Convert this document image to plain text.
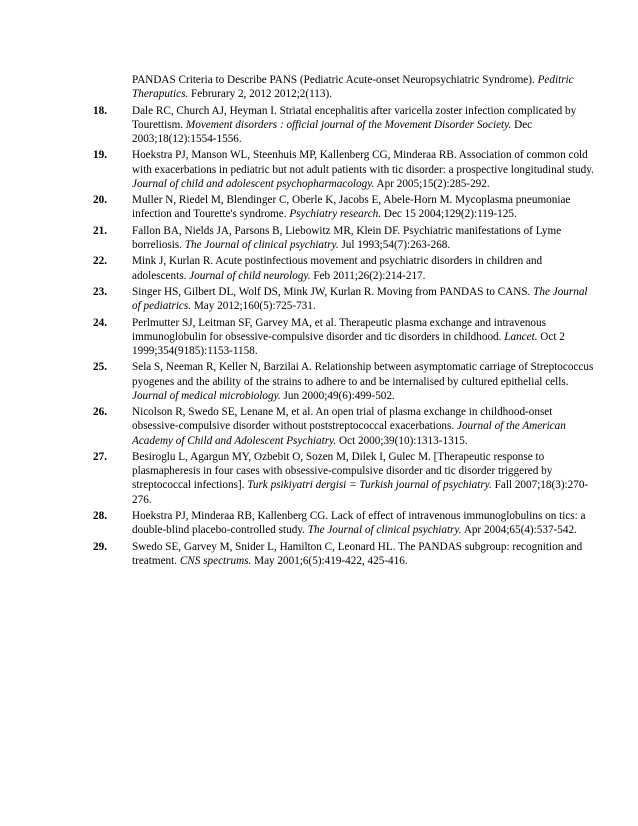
PANDAS Criteria to Describe PANS (Pediatric Acute-onset Neuropsychiatric Syndrome). Peditric Theraputics. Februrary 2, 2012 2012;2(113).
18. Dale RC, Church AJ, Heyman I. Striatal encephalitis after varicella zoster infection complicated by Tourettism. Movement disorders : official journal of the Movement Disorder Society. Dec 2003;18(12):1554-1556.
19. Hoekstra PJ, Manson WL, Steenhuis MP, Kallenberg CG, Minderaa RB. Association of common cold with exacerbations in pediatric but not adult patients with tic disorder: a prospective longitudinal study. Journal of child and adolescent psychopharmacology. Apr 2005;15(2):285-292.
20. Muller N, Riedel M, Blendinger C, Oberle K, Jacobs E, Abele-Horn M. Mycoplasma pneumoniae infection and Tourette's syndrome. Psychiatry research. Dec 15 2004;129(2):119-125.
21. Fallon BA, Nields JA, Parsons B, Liebowitz MR, Klein DF. Psychiatric manifestations of Lyme borreliosis. The Journal of clinical psychiatry. Jul 1993;54(7):263-268.
22. Mink J, Kurlan R. Acute postinfectious movement and psychiatric disorders in children and adolescents. Journal of child neurology. Feb 2011;26(2):214-217.
23. Singer HS, Gilbert DL, Wolf DS, Mink JW, Kurlan R. Moving from PANDAS to CANS. The Journal of pediatrics. May 2012;160(5):725-731.
24. Perlmutter SJ, Leitman SF, Garvey MA, et al. Therapeutic plasma exchange and intravenous immunoglobulin for obsessive-compulsive disorder and tic disorders in childhood. Lancet. Oct 2 1999;354(9185):1153-1158.
25. Sela S, Neeman R, Keller N, Barzilai A. Relationship between asymptomatic carriage of Streptococcus pyogenes and the ability of the strains to adhere to and be internalised by cultured epithelial cells. Journal of medical microbiology. Jun 2000;49(6):499-502.
26. Nicolson R, Swedo SE, Lenane M, et al. An open trial of plasma exchange in childhood-onset obsessive-compulsive disorder without poststreptococcal exacerbations. Journal of the American Academy of Child and Adolescent Psychiatry. Oct 2000;39(10):1313-1315.
27. Besiroglu L, Agargun MY, Ozbebit O, Sozen M, Dilek I, Gulec M. [Therapeutic response to plasmapheresis in four cases with obsessive-compulsive disorder and tic disorder triggered by streptococcal infections]. Turk psikiyatri dergisi = Turkish journal of psychiatry. Fall 2007;18(3):270-276.
28. Hoekstra PJ, Minderaa RB, Kallenberg CG. Lack of effect of intravenous immunoglobulins on tics: a double-blind placebo-controlled study. The Journal of clinical psychiatry. Apr 2004;65(4):537-542.
29. Swedo SE, Garvey M, Snider L, Hamilton C, Leonard HL. The PANDAS subgroup: recognition and treatment. CNS spectrums. May 2001;6(5):419-422, 425-416.
